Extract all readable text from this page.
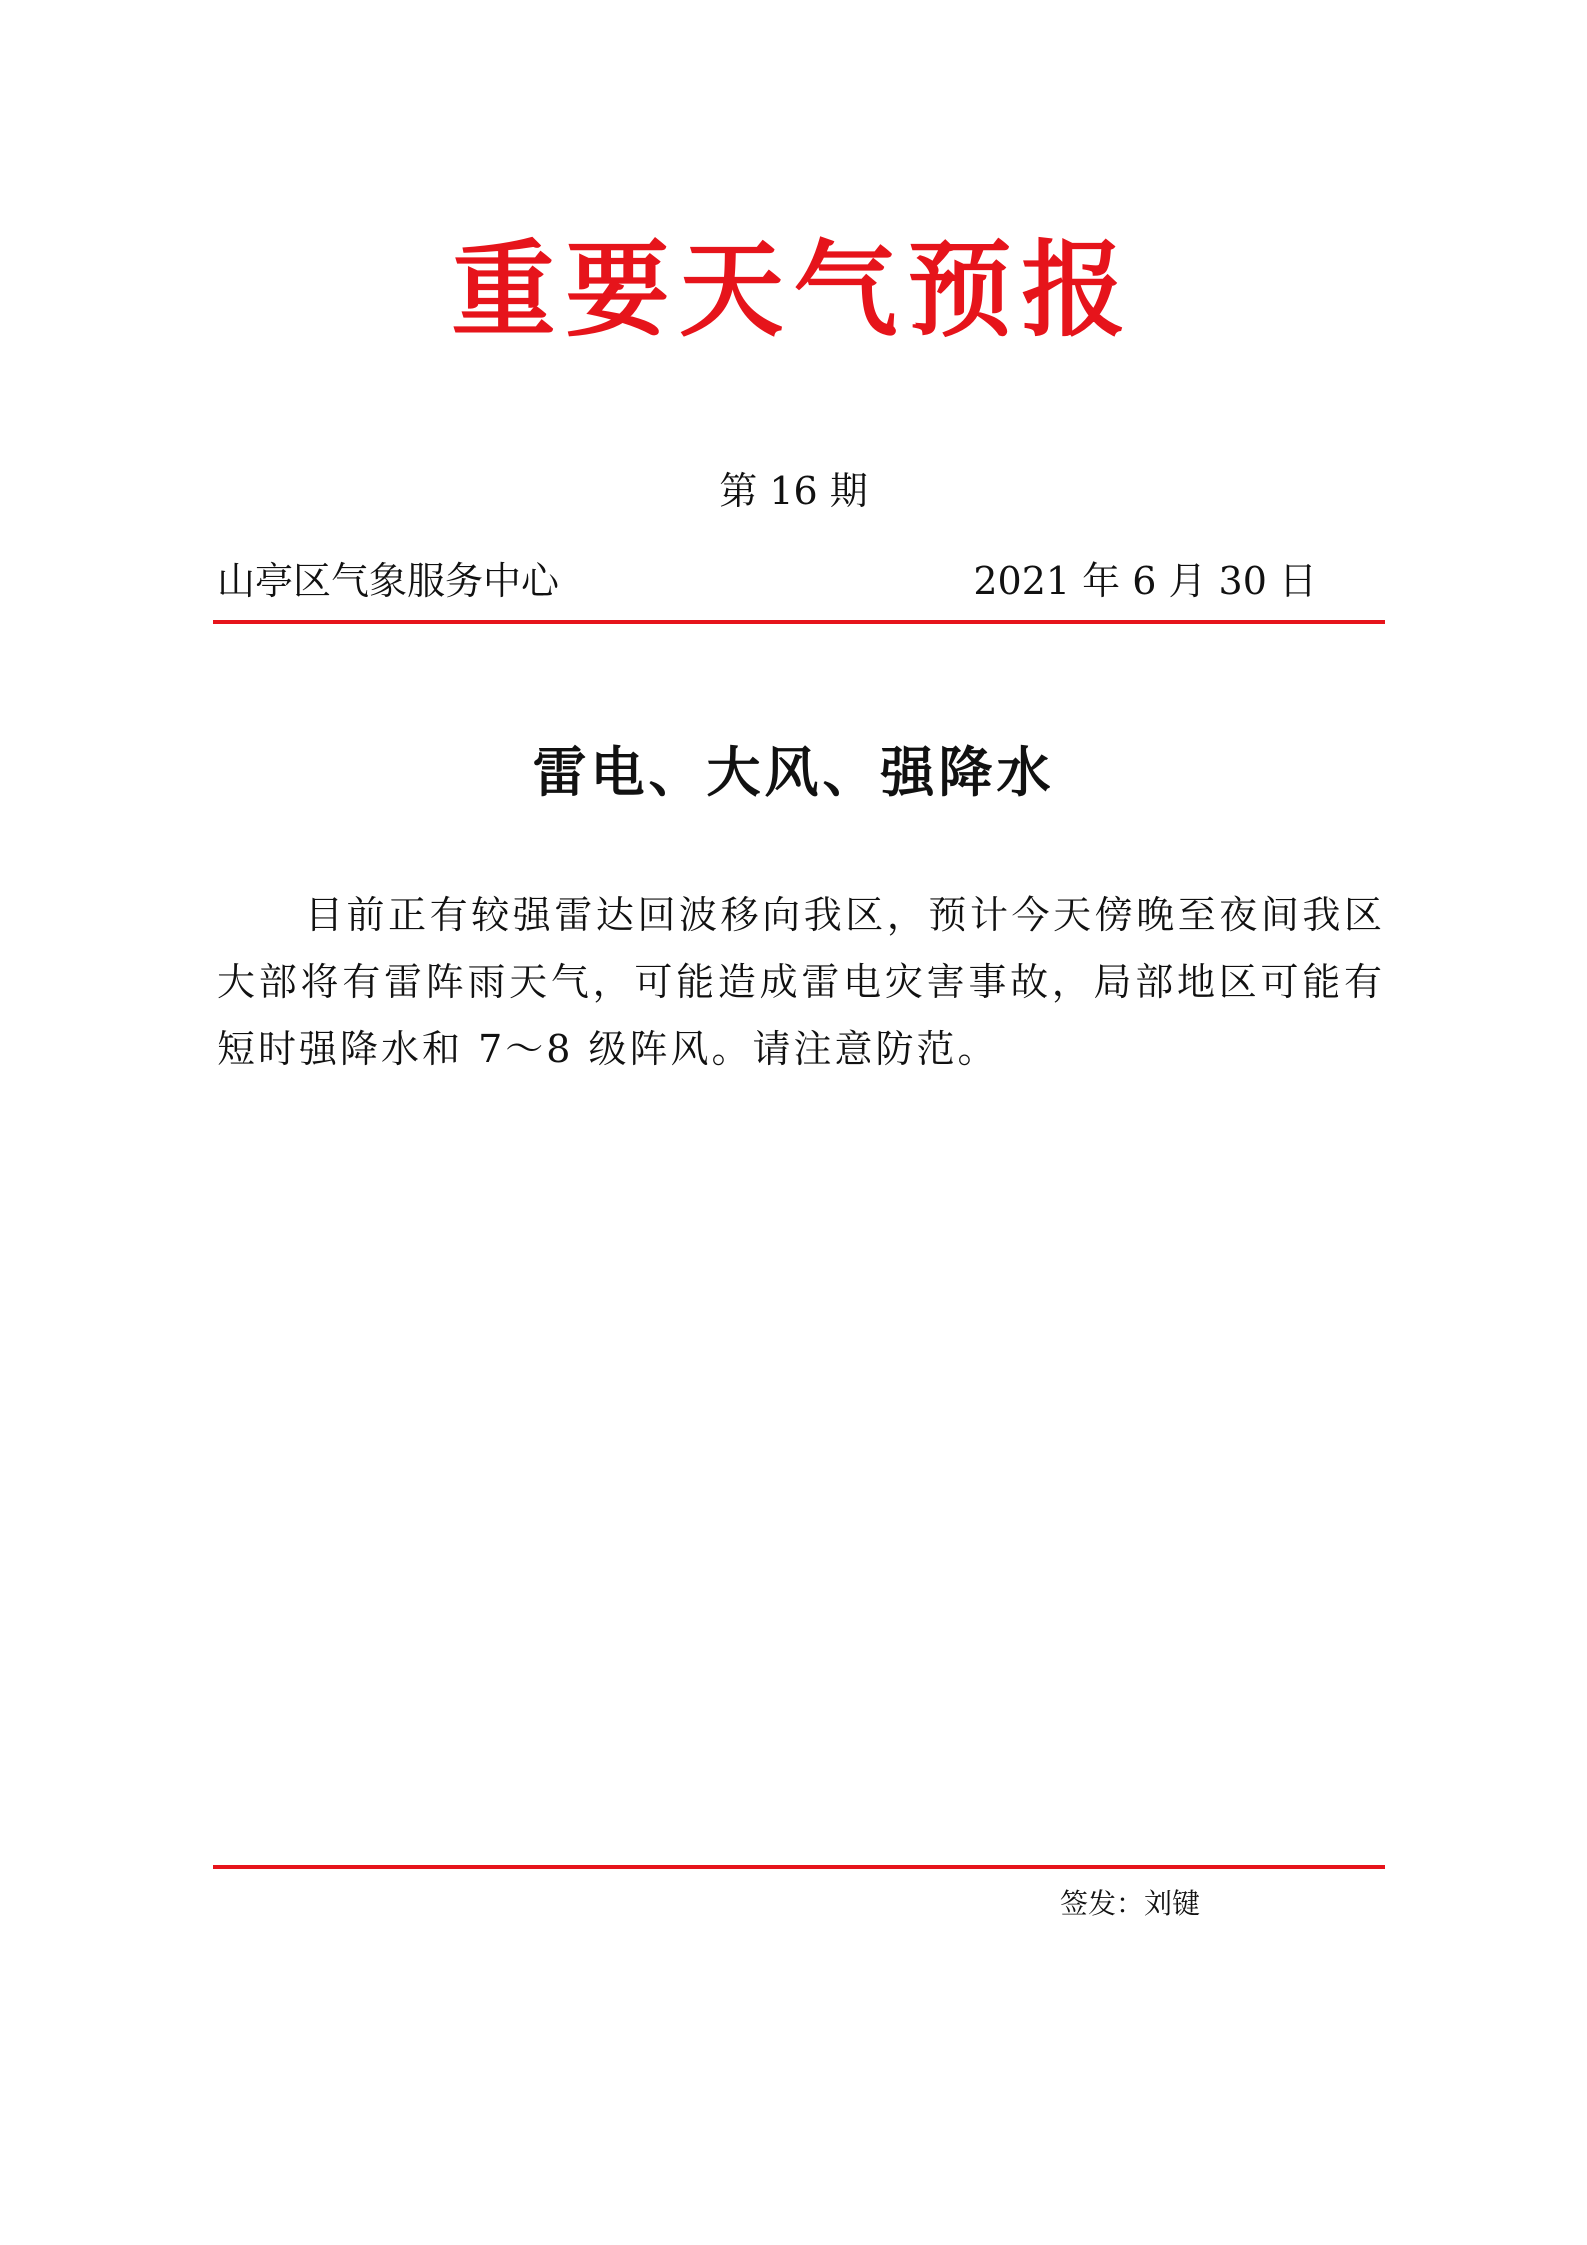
重要天气预报
第 16 期
山亭区气象服务中心	2021 年 6 月 30 日
雷电、大风、强降水
目前正有较强雷达回波移向我区，预计今天傍晚至夜间我区大部将有雷阵雨天气，可能造成雷电灾害事故，局部地区可能有短时强降水和 7～8 级阵风。请注意防范。
签发：刘键
